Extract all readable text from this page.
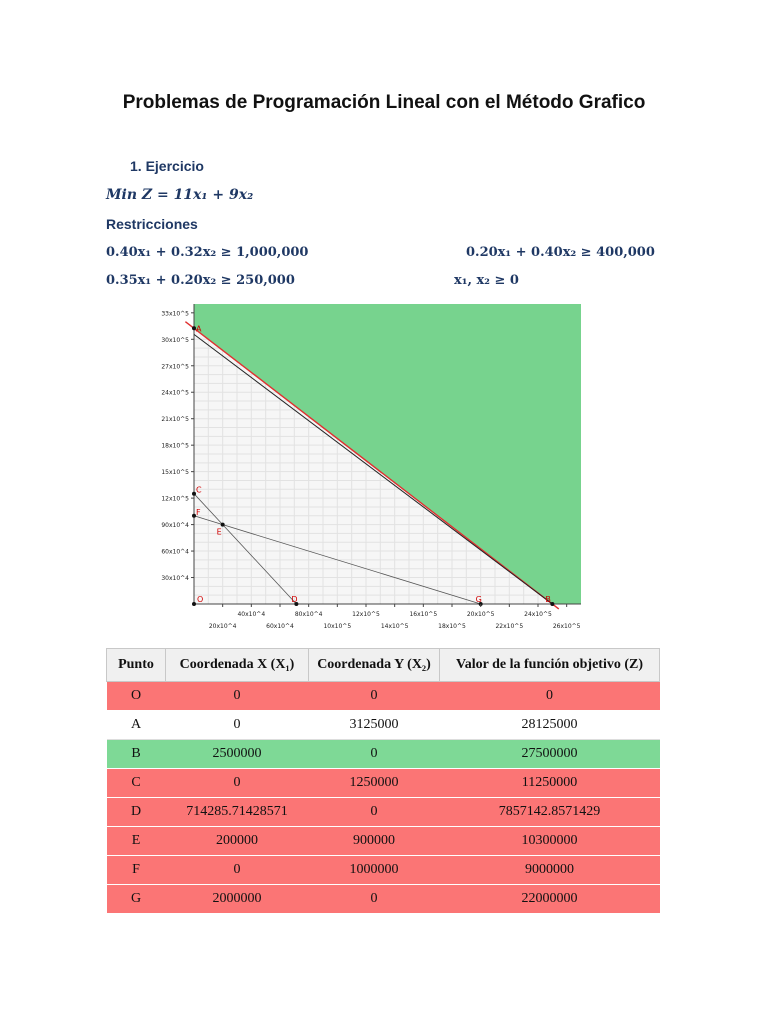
Problemas de Programación Lineal con el Método Grafico
1. Ejercicio
Min Z = 11x₁ + 9x₂
Restricciones
0.40x₁ + 0.32x₂ ≥ 1,000,000	0.20x₁ + 0.40x₂ ≥ 400,000
0.35x₁ + 0.20x₂ ≥ 250,000	x₁, x₂ ≥ 0
O
A
B
C
D
E
F
G
33x10^5
30x10^5
27x10^5
24x10^5
21x10^5
18x10^5
15x10^5
12x10^5
90x10^4
60x10^4
30x10^4
40x10^4	80x10^4	12x10^5	16x10^5	20x10^5	24x10^5
20x10^4	60x10^4	10x10^5	14x10^5	18x10^5	22x10^5	26x10^5
Punto	Coordenada X (X₁)	Coordenada Y (X₂)	Valor de la función objetivo (Z)
O	0	0	0
A	0	3125000	28125000
B	2500000	0	27500000
C	0	1250000	11250000
D	714285.71428571	0	7857142.8571429
E	200000	900000	10300000
F	0	1000000	9000000
G	2000000	0	22000000
